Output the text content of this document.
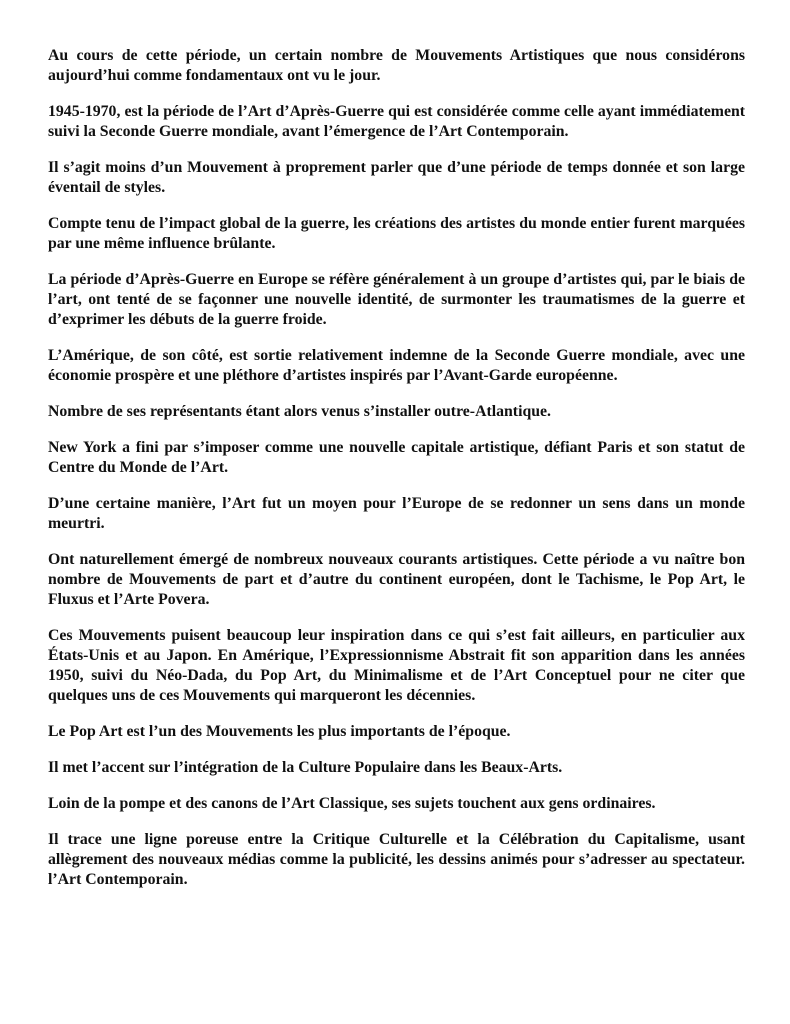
Au cours de cette période, un certain nombre de Mouvements Artistiques que nous considérons aujourd’hui comme fondamentaux ont vu le jour.

1945-1970, est la période de l’Art d’Après-Guerre qui est considérée comme celle ayant immédiatement suivi la Seconde Guerre mondiale, avant l’émergence de l’Art Contemporain.

Il s’agit moins d’un Mouvement à proprement parler que d’une période de temps donnée et son large éventail de styles.

Compte tenu de l’impact global de la guerre, les créations des artistes du monde entier furent marquées par une même influence brûlante.

La période d’Après-Guerre en Europe se réfère généralement à un groupe d’artistes qui, par le biais de l’art, ont tenté de se façonner une nouvelle identité, de surmonter les traumatismes de la guerre et d’exprimer les débuts de la guerre froide.

L’Amérique, de son côté, est sortie relativement indemne de la Seconde Guerre mondiale, avec une économie prospère et une pléthore d’artistes inspirés par l’Avant-Garde européenne.

Nombre de ses représentants étant alors venus s’installer outre-Atlantique.

New York a fini par s’imposer comme une nouvelle capitale artistique, défiant Paris et son statut de Centre du Monde de l’Art.

D’une certaine manière, l’Art fut un moyen pour l’Europe de se redonner un sens dans un monde meurtri.

Ont naturellement émergé de nombreux nouveaux courants artistiques. Cette période a vu naître bon nombre de Mouvements de part et d’autre du continent européen, dont le Tachisme, le Pop Art, le Fluxus et l’Arte Povera.

Ces Mouvements puisent beaucoup leur inspiration dans ce qui s’est fait ailleurs, en particulier aux États-Unis et au Japon. En Amérique, l’Expressionnisme Abstrait fit son apparition dans les années 1950, suivi du Néo-Dada, du Pop Art, du Minimalisme et de l’Art Conceptuel pour ne citer que quelques uns de ces Mouvements qui marqueront les décennies.

Le Pop Art est l’un des Mouvements les plus importants de l’époque.

Il met l’accent sur l’intégration de la Culture Populaire dans les Beaux-Arts.

Loin de la pompe et des canons de l’Art Classique, ses sujets touchent aux gens ordinaires.

Il trace une ligne poreuse entre la Critique Culturelle et la Célébration du Capitalisme, usant allègrement des nouveaux médias comme la publicité, les dessins animés pour s’adresser au spectateur. l’Art Contemporain.
